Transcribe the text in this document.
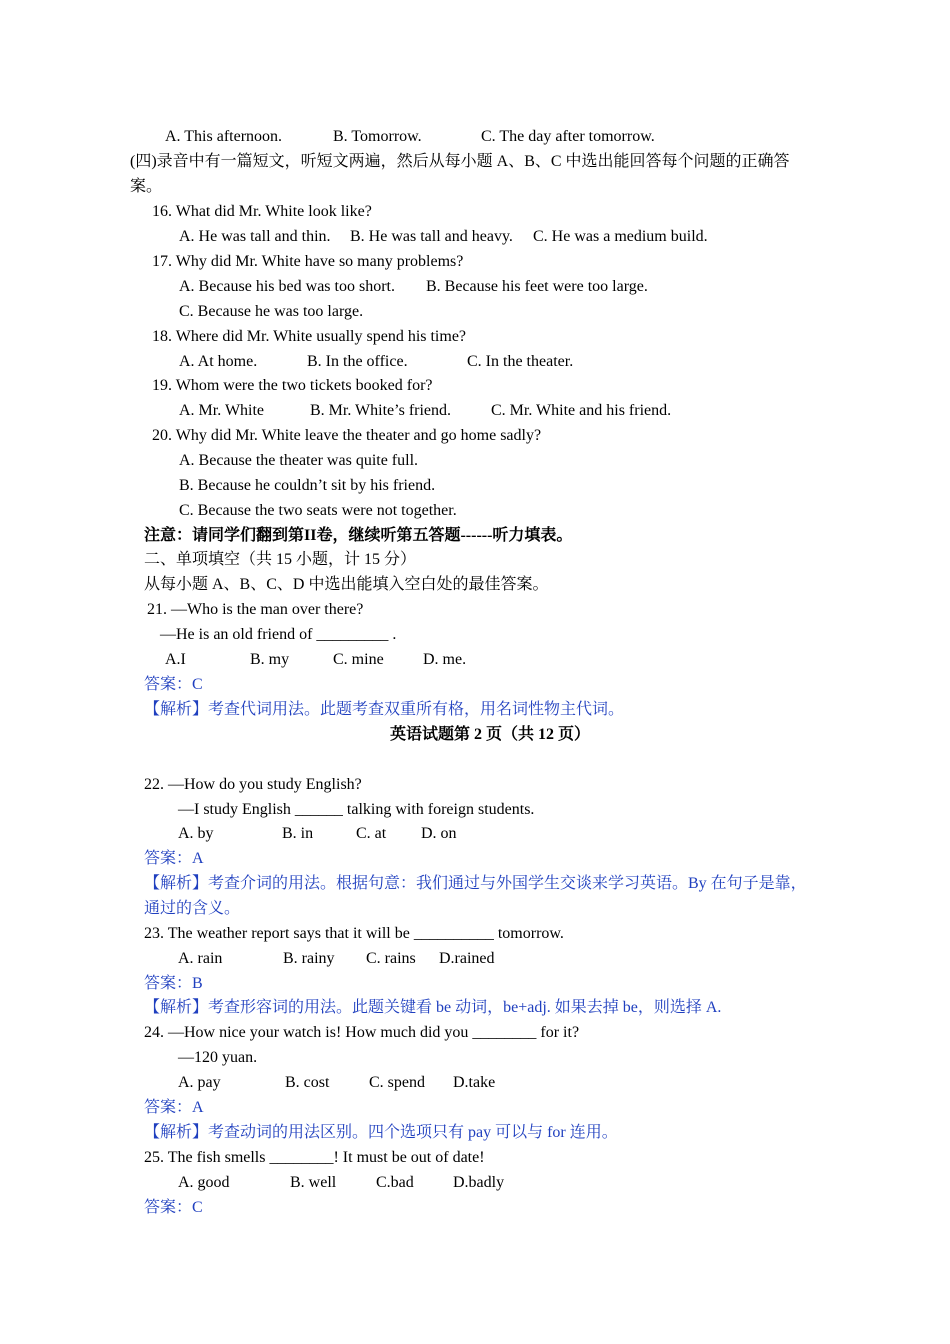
A. This afternoon.	B. Tomorrow.	C. The day after tomorrow.
(四)录音中有一篇短文，听短文两遍，然后从每小题 A、B、C 中选出能回答每个问题的正确答
案。
16. What did Mr. White look like?
A. He was tall and thin. B. He was tall and heavy. C. He was a medium build.
17. Why did Mr. White have so many problems?
A. Because his bed was too short. B. Because his feet were too large.
C. Because he was too large.
18. Where did Mr. White usually spend his time?
A. At home.	B. In the office.	C. In the theater.
19. Whom were the two tickets booked for?
A. Mr. White	B. Mr. White’s friend. C. Mr. White and his friend.
20. Why did Mr. White leave the theater and go home sadly?
A. Because the theater was quite full.
B. Because he couldn’t sit by his friend.
C. Because the two seats were not together.
注意：请同学们翻到第II卷，继续听第五答题------听力填表。
二、单项填空（共 15 小题，计 15 分）
从每小题 A、B、C、D 中选出能填入空白处的最佳答案。
21. —Who is the man over there?
—He is an old friend of _________ .
A.I	B. my	C. mine D. me.
答案：C
【解析】考查代词用法。此题考查双重所有格，用名词性物主代词。
英语试题第 2 页（共 12 页）
22. —How do you study English?
—I study English ______ talking with foreign students.
A. by	B. in	C. at D. on
答案：A
【解析】考查介词的用法。根据句意：我们通过与外国学生交谈来学习英语。By 在句子是靠，
通过的含义。
23. The weather report says that it will be __________ tomorrow.
A. rain	B. rainy C. rains D.rained
答案：B
【解析】考查形容词的用法。此题关键看 be 动词，be+adj. 如果去掉 be，则选择 A.
24. —How nice your watch is! How much did you ________ for it?
—120 yuan.
A. pay	B. cost C. spend D.take
答案：A
【解析】考查动词的用法区别。四个选项只有 pay 可以与 for 连用。
25. The fish smells ________! It must be out of date!
A. good	B. well C.bad D.badly
答案：C
